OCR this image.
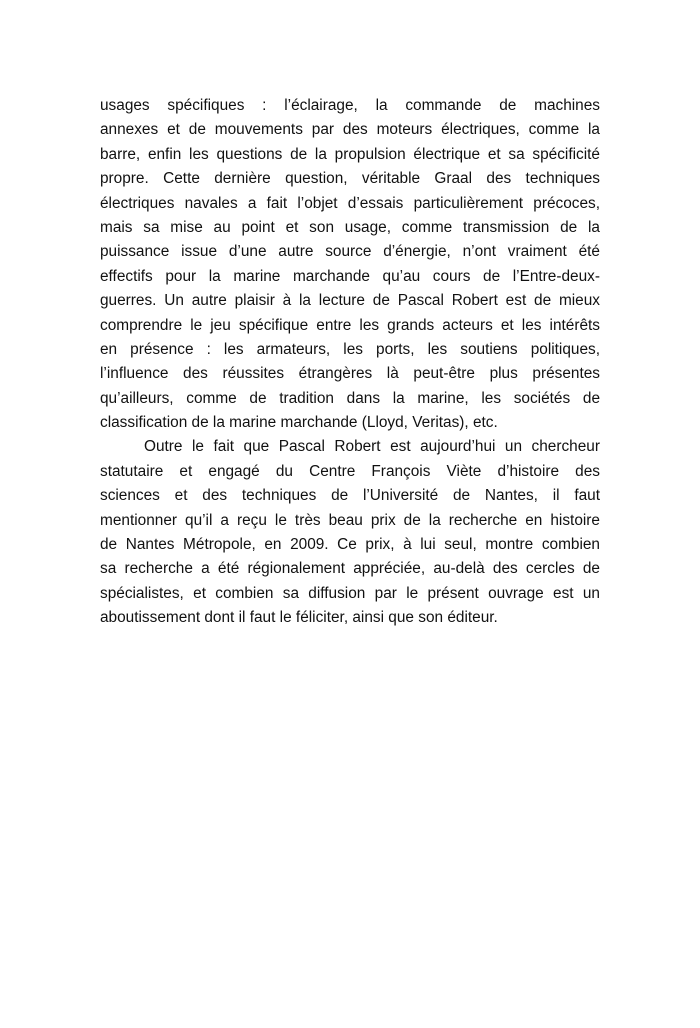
usages spécifiques : l’éclairage, la commande de machines
annexes et de mouvements par des moteurs électriques, comme la
barre, enfin les questions de la propulsion électrique et sa spécificité
propre. Cette dernière question, véritable Graal des techniques
électriques navales a fait l’objet d’essais particulièrement précoces,
mais sa mise au point et son usage, comme transmission de la
puissance issue d’une autre source d’énergie, n’ont vraiment été
effectifs pour la marine marchande qu’au cours de l’Entre-deux-
guerres. Un autre plaisir à la lecture de Pascal Robert est de mieux
comprendre le jeu spécifique entre les grands acteurs et les intérêts
en présence : les armateurs, les ports, les soutiens politiques,
l’influence des réussites étrangères là peut-être plus présentes
qu’ailleurs, comme de tradition dans la marine, les sociétés de
classification de la marine marchande (Lloyd, Veritas), etc.
Outre le fait que Pascal Robert est aujourd’hui un chercheur
statutaire et engagé du Centre François Viète d’histoire des
sciences et des techniques de l’Université de Nantes, il faut
mentionner qu’il a reçu le très beau prix de la recherche en histoire
de Nantes Métropole, en 2009. Ce prix, à lui seul, montre combien
sa recherche a été régionalement appréciée, au-delà des cercles de
spécialistes, et combien sa diffusion par le présent ouvrage est un
aboutissement dont il faut le féliciter, ainsi que son éditeur.
